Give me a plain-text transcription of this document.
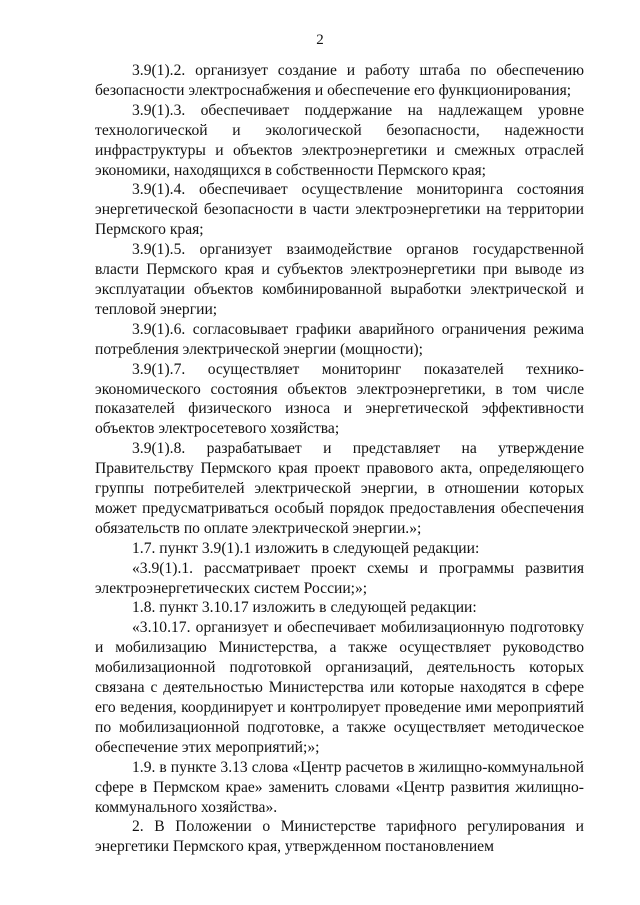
2

3.9(1).2. организует создание и работу штаба по обеспечению безопасности электроснабжения и обеспечение его функционирования;

3.9(1).3. обеспечивает поддержание на надлежащем уровне технологической и экологической безопасности, надежности инфраструктуры и объектов электроэнергетики и смежных отраслей экономики, находящихся в собственности Пермского края;

3.9(1).4. обеспечивает осуществление мониторинга состояния энергетической безопасности в части электроэнергетики на территории Пермского края;

3.9(1).5. организует взаимодействие органов государственной власти Пермского края и субъектов электроэнергетики при выводе из эксплуатации объектов комбинированной выработки электрической и тепловой энергии;

3.9(1).6. согласовывает графики аварийного ограничения режима потребления электрической энергии (мощности);

3.9(1).7. осуществляет мониторинг показателей технико-экономического состояния объектов электроэнергетики, в том числе показателей физического износа и энергетической эффективности объектов электросетевого хозяйства;

3.9(1).8. разрабатывает и представляет на утверждение Правительству Пермского края проект правового акта, определяющего группы потребителей электрической энергии, в отношении которых может предусматриваться особый порядок предоставления обеспечения обязательств по оплате электрической энергии.»;

1.7. пункт 3.9(1).1 изложить в следующей редакции:

«3.9(1).1. рассматривает проект схемы и программы развития электроэнергетических систем России;»;

1.8. пункт 3.10.17 изложить в следующей редакции:

«3.10.17. организует и обеспечивает мобилизационную подготовку и мобилизацию Министерства, а также осуществляет руководство мобилизационной подготовкой организаций, деятельность которых связана с деятельностью Министерства или которые находятся в сфере его ведения, координирует и контролирует проведение ими мероприятий по мобилизационной подготовке, а также осуществляет методическое обеспечение этих мероприятий;»;

1.9. в пункте 3.13 слова «Центр расчетов в жилищно-коммунальной сфере в Пермском крае» заменить словами «Центр развития жилищно-коммунального хозяйства».

2. В Положении о Министерстве тарифного регулирования и энергетики Пермского края, утвержденном постановлением
